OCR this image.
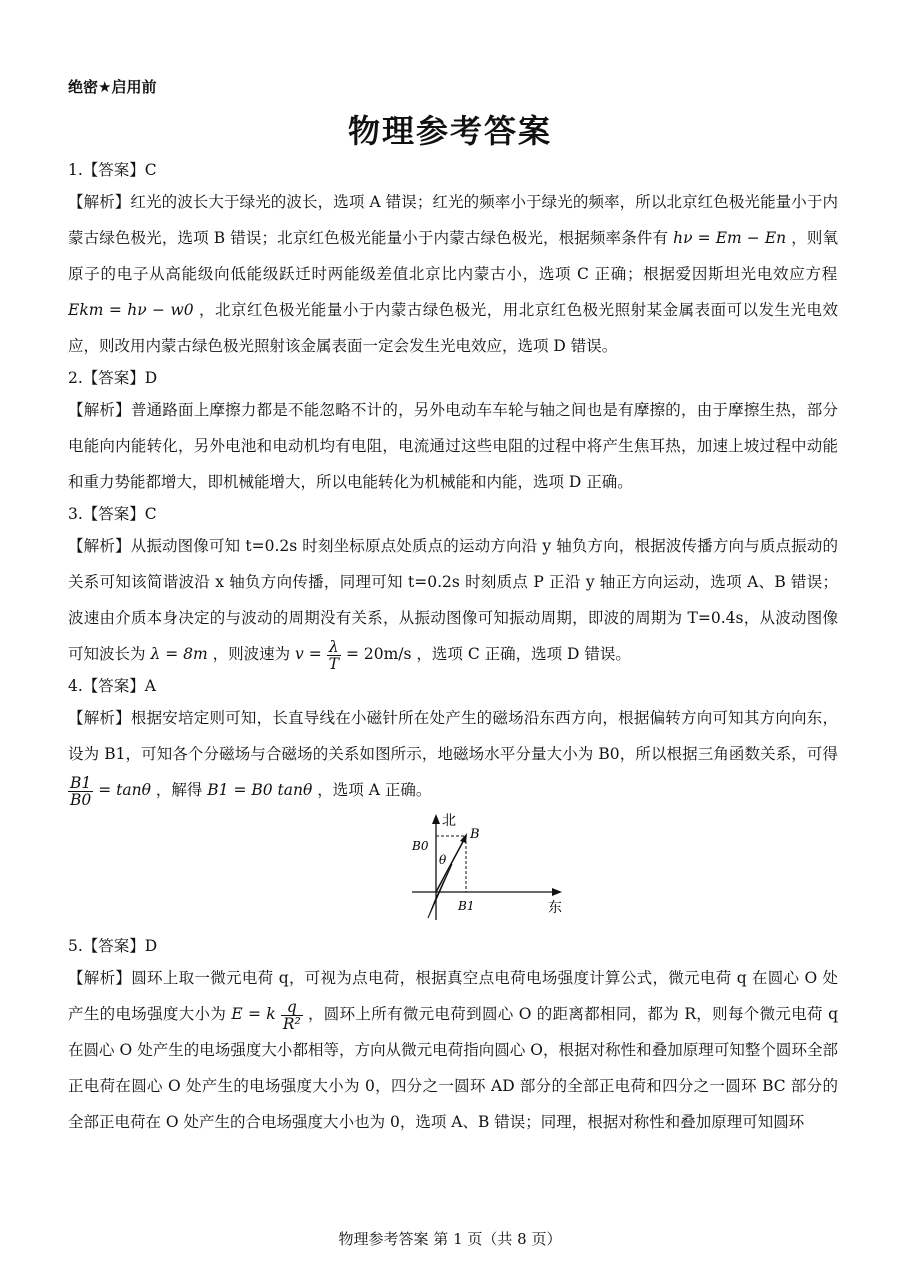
绝密★启用前
物理参考答案
1.【答案】C

【解析】红光的波长大于绿光的波长，选项 A 错误；红光的频率小于绿光的频率，所以北京红色极光能量小于内蒙古绿色极光，选项 B 错误；北京红色极光能量小于内蒙古绿色极光，根据频率条件有 hν = Em − En ，则氧原子的电子从高能级向低能级跃迁时两能级差值北京比内蒙古小，选项 C 正确；根据爱因斯坦光电效应方程 Ekm = hν − w0 ，北京红色极光能量小于内蒙古绿色极光，用北京红色极光照射某金属表面可以发生光电效应，则改用内蒙古绿色极光照射该金属表面一定会发生光电效应，选项 D 错误。

2.【答案】D

【解析】普通路面上摩擦力都是不能忽略不计的，另外电动车车轮与轴之间也是有摩擦的，由于摩擦生热，部分电能向内能转化，另外电池和电动机均有电阻，电流通过这些电阻的过程中将产生焦耳热，加速上坡过程中动能和重力势能都增大，即机械能增大，所以电能转化为机械能和内能，选项 D 正确。

3.【答案】C

【解析】从振动图像可知 t=0.2s 时刻坐标原点处质点的运动方向沿 y 轴负方向，根据波传播方向与质点振动的关系可知该简谐波沿 x 轴负方向传播，同理可知 t=0.2s 时刻质点 P 正沿 y 轴正方向运动，选项 A、B 错误；波速由介质本身决定的与波动的周期没有关系，从振动图像可知振动周期，即波的周期为 T=0.4s，从波动图像可知波长为 λ = 8m ，则波速为 $v = \frac{\lambda}{T} = 20m/s$ ，选项 C 正确，选项 D 错误。

4.【答案】A

【解析】根据安培定则可知，长直导线在小磁针所在处产生的磁场沿东西方向，根据偏转方向可知其方向向东，设为 B1，可知各个分磁场与合磁场的关系如图所示，地磁场水平分量大小为 B0，所以根据三角函数关系，可得
$\frac{B1}{B0} = \tan\theta$ ，解得 B1 = B0 tanθ ，选项 A 正确。

北
东
B
B0
B1
θ
5.【答案】D

【解析】圆环上取一微元电荷 q，可视为点电荷，根据真空点电荷电场强度计算公式，微元电荷 q 在圆心 O 处产生的电场强度大小为 E = k $\frac{q}{\text{R²}}$ ，圆环上所有微元电荷到圆心 O 的距离都相同，都为 R，则每个微元电荷 q 在圆心 O 处产生的电场强度大小都相等，方向从微元电荷指向圆心 O，根据对称性和叠加原理可知整个圆环全部正电荷在圆心 O 处产生的电场强度大小为 0，四分之一圆环 AD 部分的全部正电荷和四分之一圆环 BC 部分的全部正电荷在 O 处产生的合电场强度大小也为 0，选项 A、B 错误；同理，根据对称性和叠加原理可知圆环

物理参考答案 第 1 页（共 8 页）
